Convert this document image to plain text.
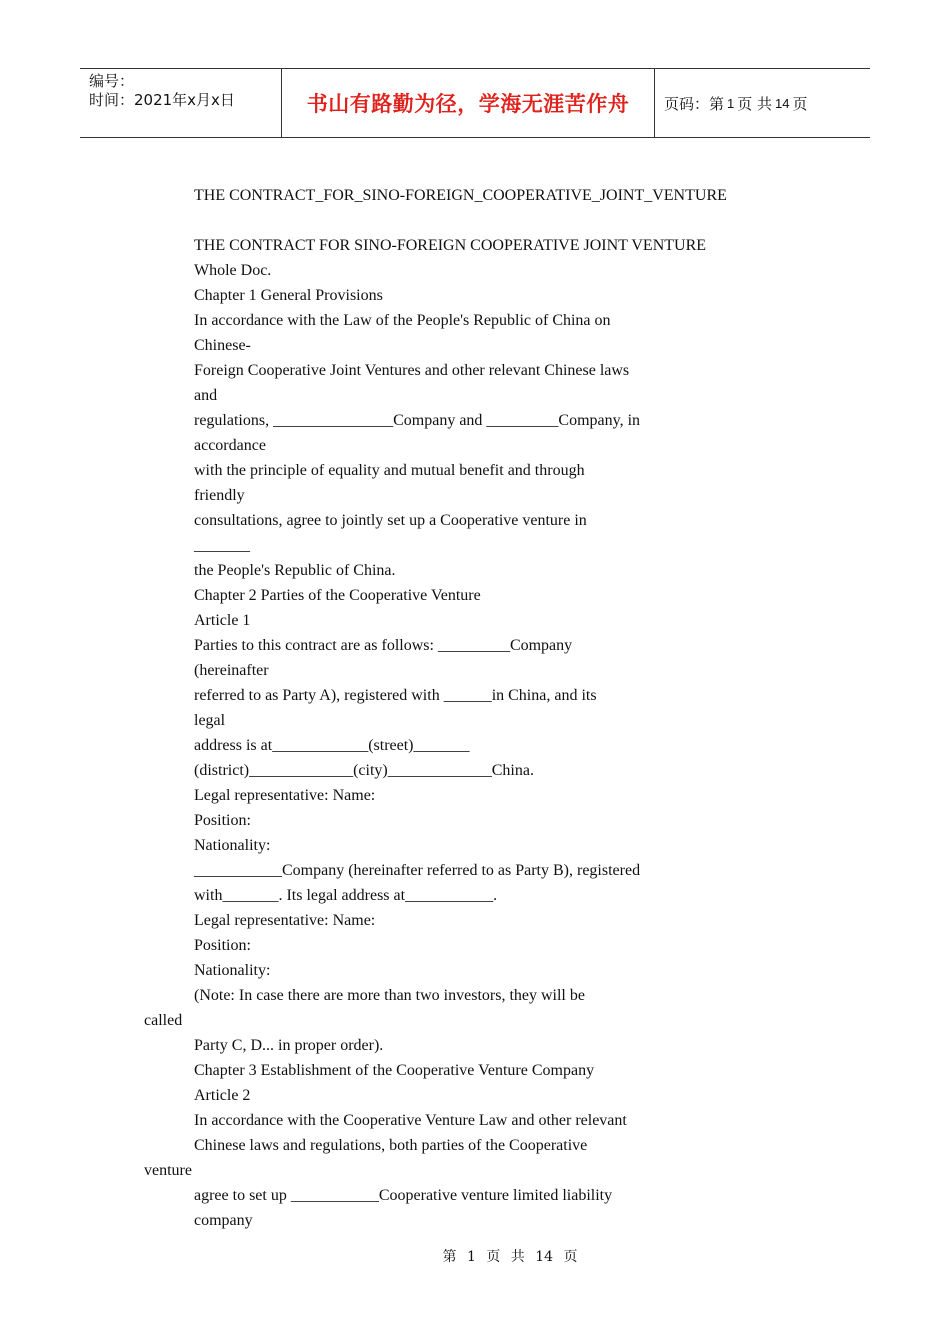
编号：
时间：2021年x月x日	书山有路勤为径，学海无涯苦作舟 页码：第 1 页 共 14 页
THE CONTRACT_FOR_SINO-FOREIGN_COOPERATIVE_JOINT_VENTURE
THE CONTRACT FOR SINO-FOREIGN COOPERATIVE JOINT VENTURE
Whole Doc.
Chapter 1 General Provisions
In accordance with the Law of the People's Republic of China on
Chinese-
Foreign Cooperative Joint Ventures and other relevant Chinese laws
and
regulations, _______________Company and _________Company, in
accordance
with the principle of equality and mutual benefit and through
friendly
consultations, agree to jointly set up a Cooperative venture in
_______
the People's Republic of China.
Chapter 2 Parties of the Cooperative Venture
Article 1
Parties to this contract are as follows: _________Company
(hereinafter
referred to as Party A), registered with ______in China, and its
legal
address is at____________(street)_______
(district)_____________(city)_____________China.
Legal representative: Name:
Position:
Nationality:
___________Company (hereinafter referred to as Party B), registered
with_______. Its legal address at___________.
Legal representative: Name:
Position:
Nationality:
(Note: In case there are more than two investors, they will be
called
Party C, D... in proper order).
Chapter 3 Establishment of the Cooperative Venture Company
Article 2
In accordance with the Cooperative Venture Law and other relevant
Chinese laws and regulations, both parties of the Cooperative
venture
agree to set up ___________Cooperative venture limited liability
company
第 1 页 共 14 页
